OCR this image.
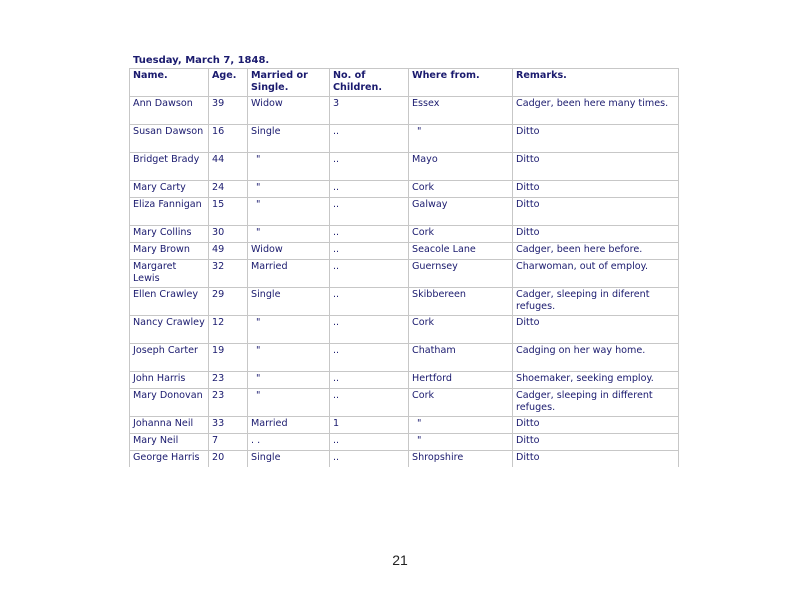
Tuesday, March 7, 1848.
Name.	Age.	Married or Single.	No. of Children.	Where from.	Remarks.
Ann Dawson	39	Widow	3	Essex	Cadger, been here many times.
Susan Dawson	16	Single	..	"	Ditto
Bridget Brady	44	"	..	Mayo	Ditto
Mary Carty	24	"	..	Cork	Ditto
Eliza Fannigan	15	"	..	Galway	Ditto
Mary Collins	30	"	..	Cork	Ditto
Mary Brown	49	Widow	..	Seacole Lane	Cadger, been here before.
Margaret Lewis	32	Married	..	Guernsey	Charwoman, out of employ.
Ellen Crawley	29	Single	..	Skibbereen	Cadger, sleeping in diferent refuges.
Nancy Crawley	12	"	..	Cork	Ditto
Joseph Carter	19	"	..	Chatham	Cadging on her way home.
John Harris	23	"	..	Hertford	Shoemaker, seeking employ.
Mary Donovan	23	"	..	Cork	Cadger, sleeping in different refuges.
Johanna Neil	33	Married	1	"	Ditto
Mary Neil	7	. .	..	"	Ditto
George Harris	20	Single	..	Shropshire	Ditto
21
